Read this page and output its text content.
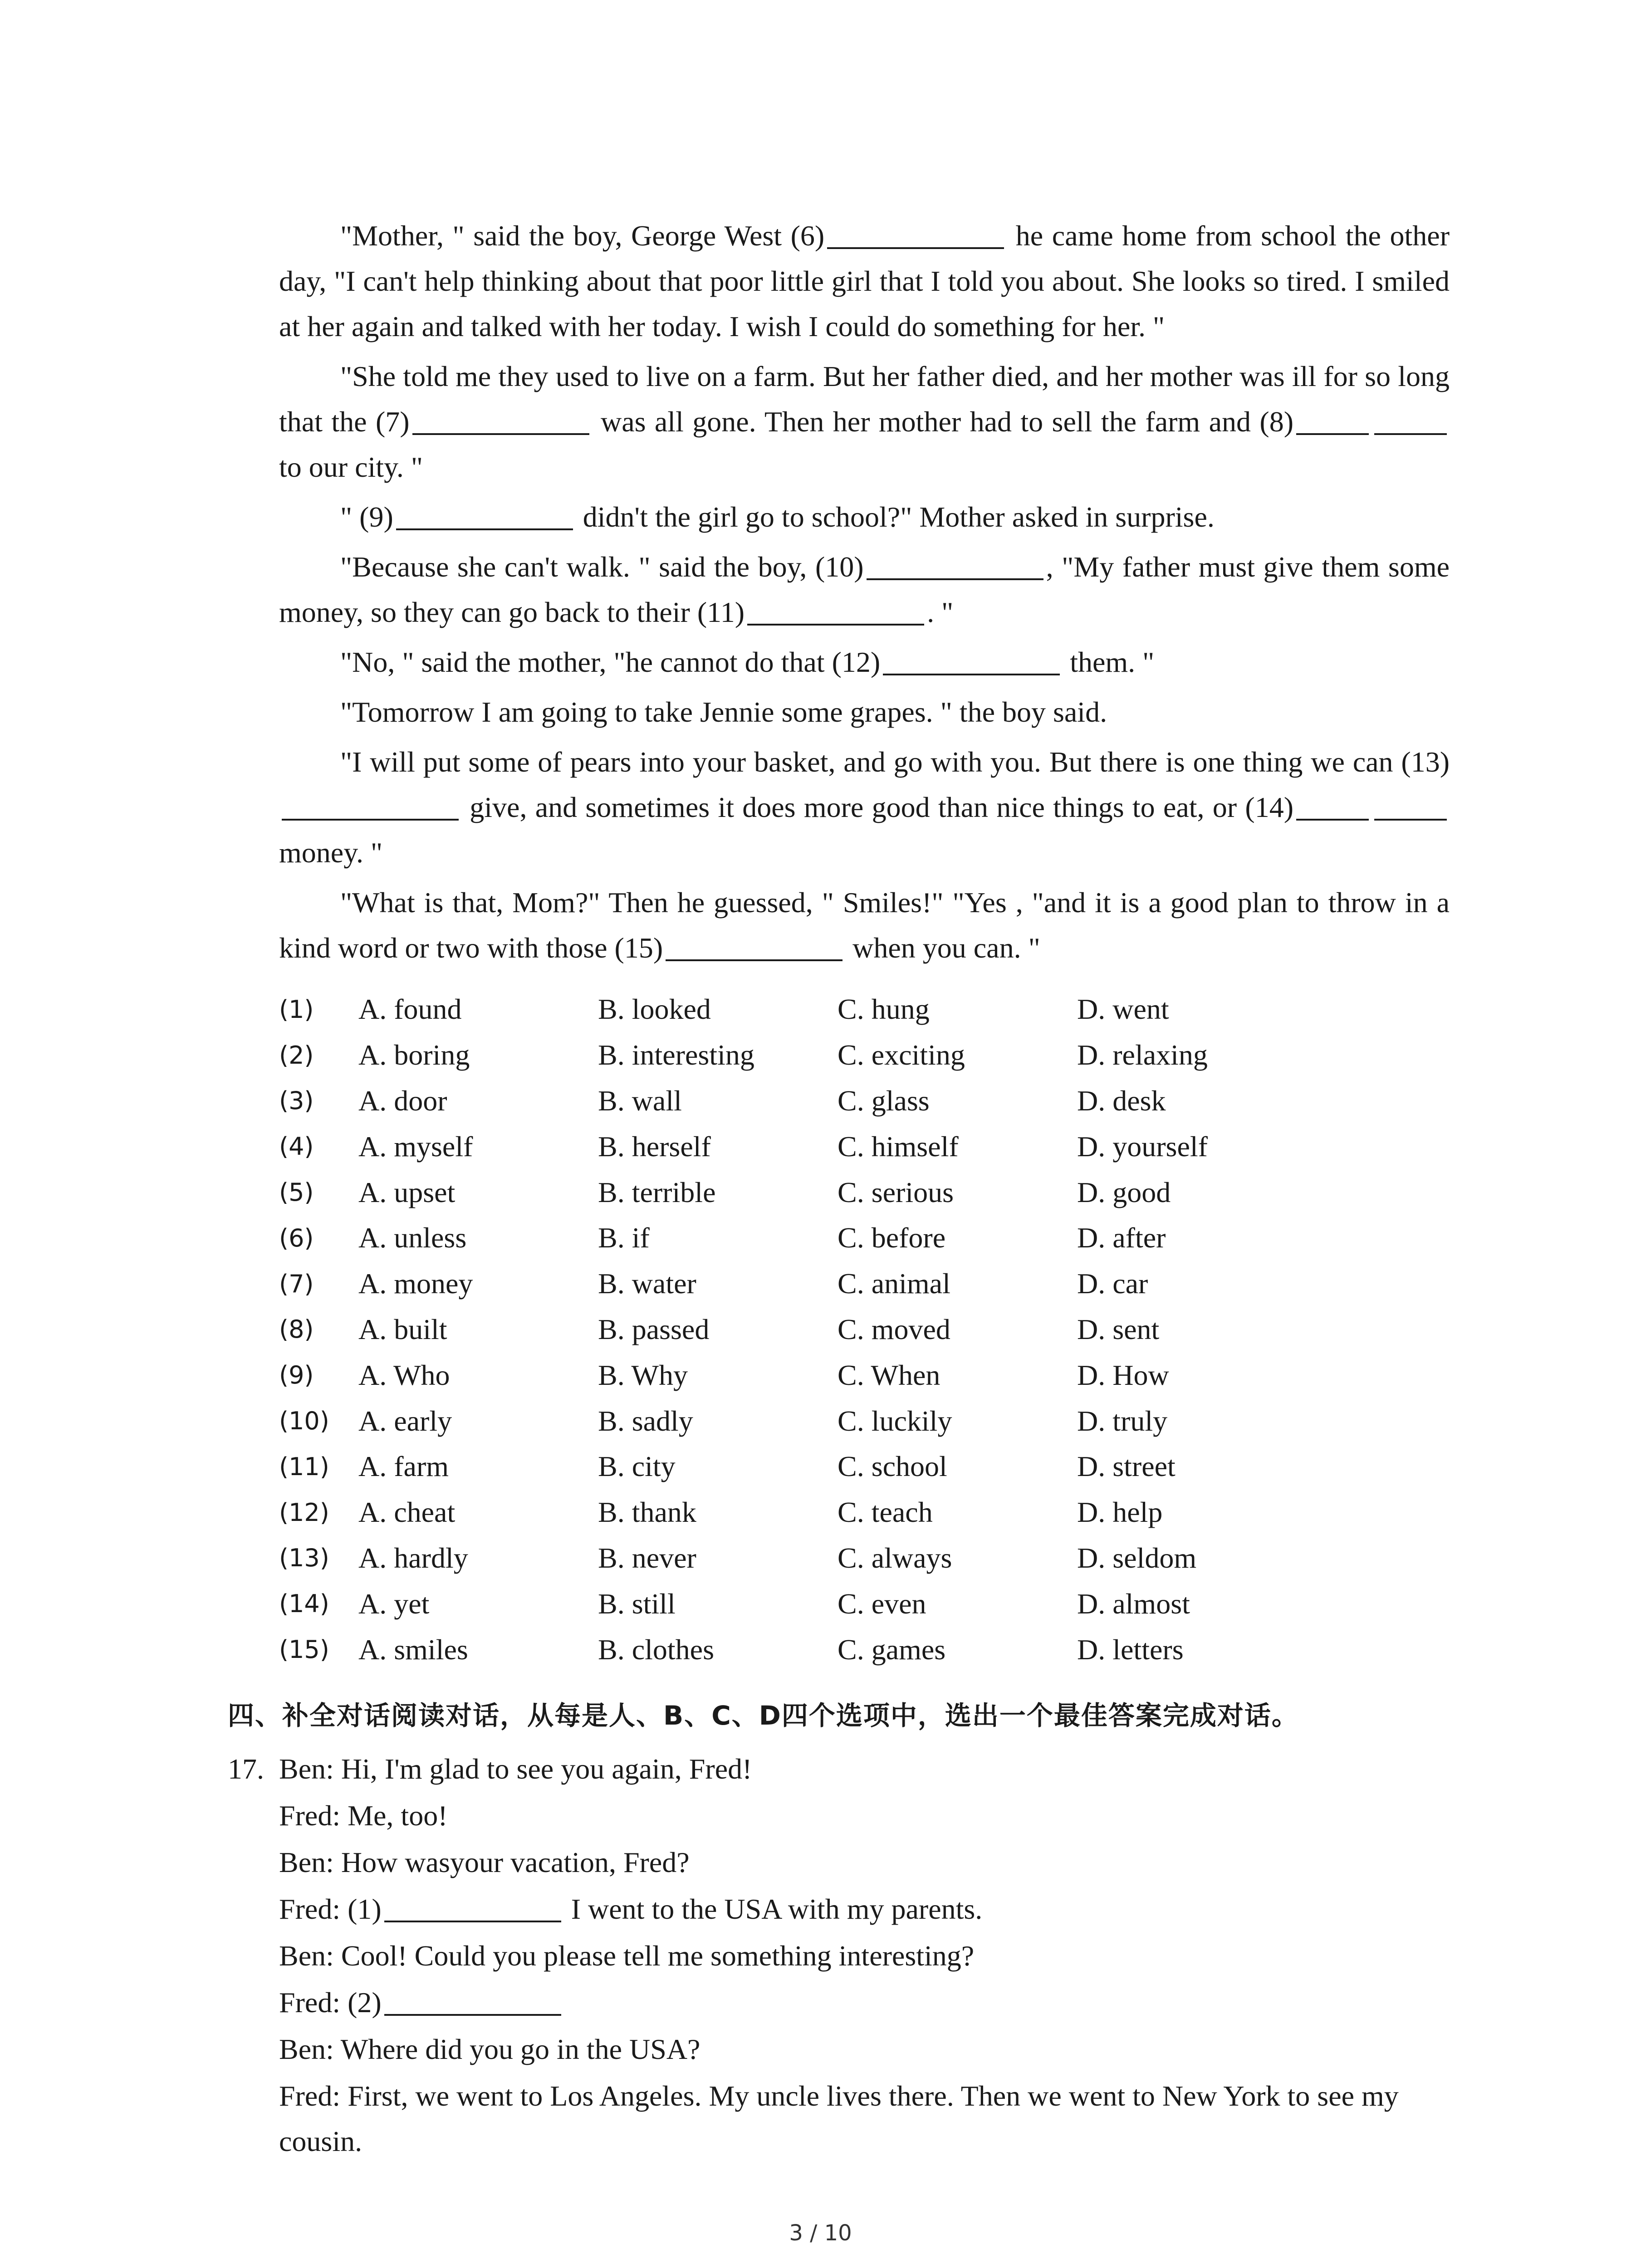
"Mother, " said the boy, George West (6)	he came home from school the other day, "I can't help thinking about that poor little girl that I told you about. She looks so tired. I smiled at her again and talked with her today. I wish I could do something for her. "

"She told me they used to live on a farm. But her father died, and her mother was ill for so long that the (7)	was all gone. Then her mother had to sell the farm and (8) to our city. "

" (9)	didn't the girl go to school?" Mother asked in surprise.

"Because she can't walk. " said the boy, (10)	, "My father must give them some money, so they can go back to their (11)	. "

"No, " said the mother, "he cannot do that (12)	them. "

"Tomorrow I am going to take Jennie some grapes. " the boy said.

"I will put some of pears into your basket, and go with you. But there is one thing we can (13) give, and sometimes it does more good than nice things to eat, or (14) money. "

"What is that, Mom?" Then he guessed, " Smiles!" "Yes , "and it is a good plan to throw in a kind word or two with those (15)	when you can. "

(1)	A. found	B. looked	C. hung	D. went
(2)	A. boring	B. interesting	C. exciting	D. relaxing
(3)	A. door	B. wall	C. glass	D. desk
(4)	A. myself	B. herself	C. himself	D. yourself
(5)	A. upset	B. terrible	C. serious	D. good
(6)	A. unless	B. if	C. before	D. after
(7)	A. money	B. water	C. animal	D. car
(8)	A. built	B. passed	C. moved	D. sent
(9)	A. Who	B. Why	C. When	D. How
(10)	A. early	B. sadly	C. luckily	D. truly
(11)	A. farm	B. city	C. school	D. street
(12)	A. cheat	B. thank	C. teach	D. help
(13)	A. hardly	B. never	C. always	D. seldom
(14)	A. yet	B. still	C. even	D. almost
(15)	A. smiles	B. clothes	C. games	D. letters
四、补全对话阅读对话，从每是人、B、C、D四个选项中，选出一个最佳答案完成对话。
17. Ben: Hi, I'm glad to see you again, Fred!

Fred: Me, too!

Ben: How wasyour vacation, Fred?

Fred: (1)	I went to the USA with my parents.

Ben: Cool! Could you please tell me something interesting?

Fred: (2)

Ben: Where did you go in the USA?

Fred: First, we went to Los Angeles. My uncle lives there. Then we went to New York to see my cousin.

3 / 10
